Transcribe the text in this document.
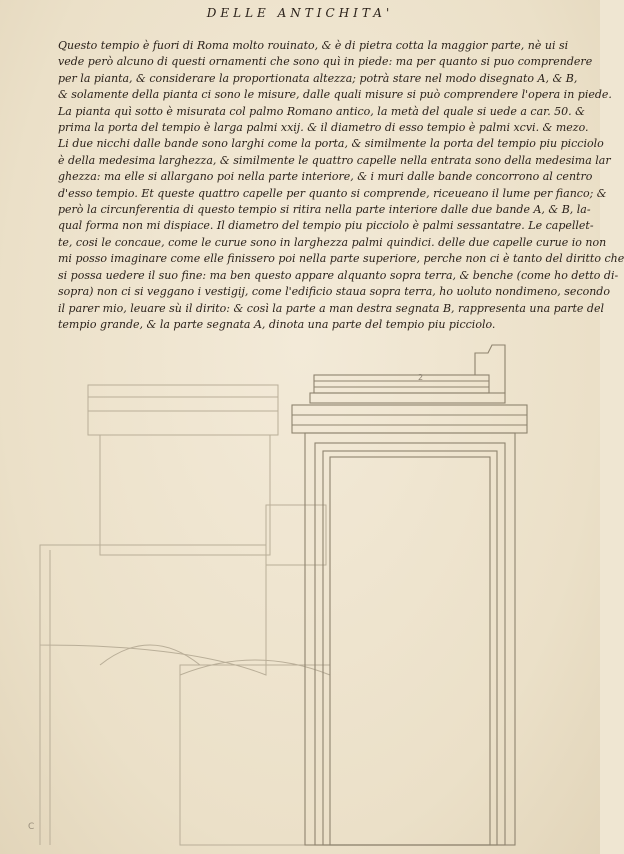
DELLE ANTICHITA'
Questo tempio è fuori di Roma molto rouinato, & è di pietra cotta la maggior parte, nè ui si
vede però alcuno di questi ornamenti che sono quì in piede: ma per quanto si puo comprendere
per la pianta, & considerare la proportionata altezza; potrà stare nel modo disegnato A, & B,
& solamente della pianta ci sono le misure, dalle quali misure si può comprendere l'opera in piede.
La pianta quì sotto è misurata col palmo Romano antico, la metà del quale si uede a car. 50. &
prima la porta del tempio è larga palmi xxij. & il diametro di esso tempio è palmi xcvi. & mezo.
Li due nicchi dalle bande sono larghi come la porta, & similmente la porta del tempio piu picciolo
è della medesima larghezza, & similmente le quattro capelle nella entrata sono della medesima lar
ghezza: ma elle si allargano poi nella parte interiore, & i muri dalle bande concorrono al centro
d'esso tempio. Et queste quattro capelle per quanto si comprende, riceueano il lume per fianco; &
però la circunferentia di questo tempio si ritira nella parte interiore dalle due bande A, & B, la-
qual forma non mi dispiace. Il diametro del tempio piu picciolo è palmi sessantatre. Le capellet-
te, cosi le concaue, come le curue sono in larghezza palmi quindici. delle due capelle curue io non
mi posso imaginare come elle finissero poi nella parte superiore, perche non ci è tanto del diritto che
si possa uedere il suo fine: ma ben questo appare alquanto sopra terra, & benche (come ho detto di-
sopra) non ci si veggano i vestigij, come l'edificio staua sopra terra, ho uoluto nondimeno, secondo
il parer mio, leuare sù il dirito: & così la parte a man destra segnata B, rappresenta una parte del
tempio grande, & la parte segnata A, dinota una parte del tempio piu picciolo.
2
C
